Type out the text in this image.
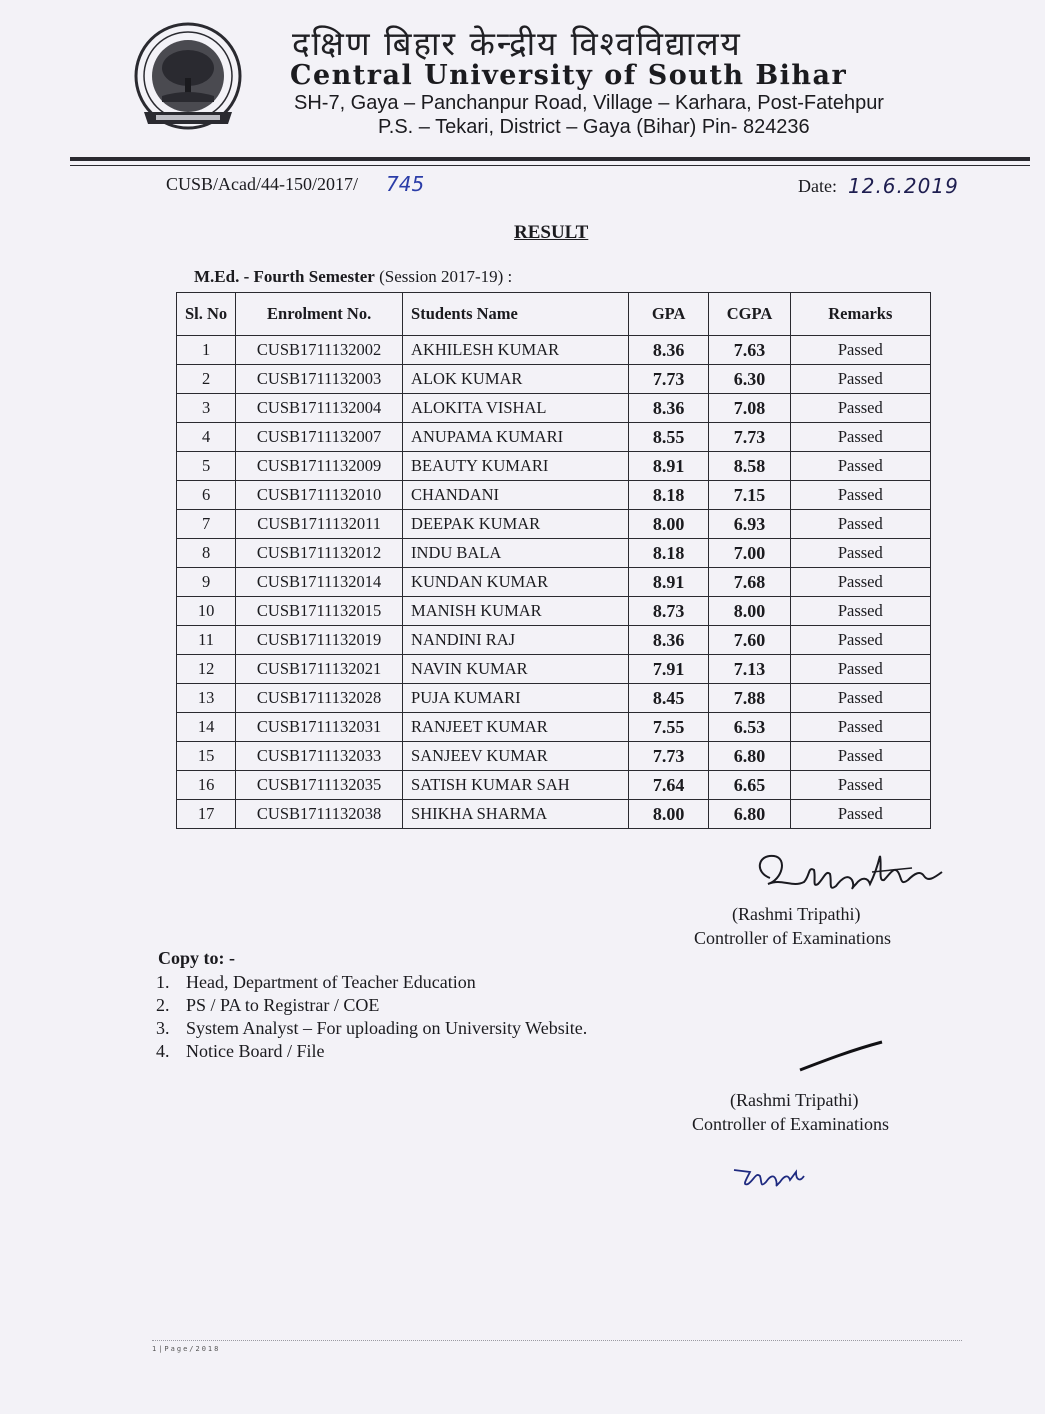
दक्षिण बिहार केन्द्रीय विश्वविद्यालय
Central University of South Bihar
SH-7, Gaya – Panchanpur Road, Village – Karhara, Post-Fatehpur
P.S. – Tekari, District – Gaya (Bihar) Pin- 824236
CUSB/Acad/44-150/2017/ 745	Date: 12.6.2019
RESULT
M.Ed. - Fourth Semester (Session 2017-19) :
Sl. No	Enrolment No.	Students Name	GPA	CGPA	Remarks
1	CUSB1711132002	AKHILESH KUMAR	8.36	7.63	Passed
2	CUSB1711132003	ALOK KUMAR	7.73	6.30	Passed
3	CUSB1711132004	ALOKITA VISHAL	8.36	7.08	Passed
4	CUSB1711132007	ANUPAMA KUMARI	8.55	7.73	Passed
5	CUSB1711132009	BEAUTY KUMARI	8.91	8.58	Passed
6	CUSB1711132010	CHANDANI	8.18	7.15	Passed
7	CUSB1711132011	DEEPAK KUMAR	8.00	6.93	Passed
8	CUSB1711132012	INDU BALA	8.18	7.00	Passed
9	CUSB1711132014	KUNDAN KUMAR	8.91	7.68	Passed
10	CUSB1711132015	MANISH KUMAR	8.73	8.00	Passed
11	CUSB1711132019	NANDINI RAJ	8.36	7.60	Passed
12	CUSB1711132021	NAVIN KUMAR	7.91	7.13	Passed
13	CUSB1711132028	PUJA KUMARI	8.45	7.88	Passed
14	CUSB1711132031	RANJEET KUMAR	7.55	6.53	Passed
15	CUSB1711132033	SANJEEV KUMAR	7.73	6.80	Passed
16	CUSB1711132035	SATISH KUMAR SAH	7.64	6.65	Passed
17	CUSB1711132038	SHIKHA SHARMA	8.00	6.80	Passed
(Rashmi Tripathi)
Controller of Examinations
Copy to: -
1. Head, Department of Teacher Education
2. PS / PA to Registrar / COE
3. System Analyst – For uploading on University Website.
4. Notice Board / File
(Rashmi Tripathi)
Controller of Examinations
1|Page/2018
